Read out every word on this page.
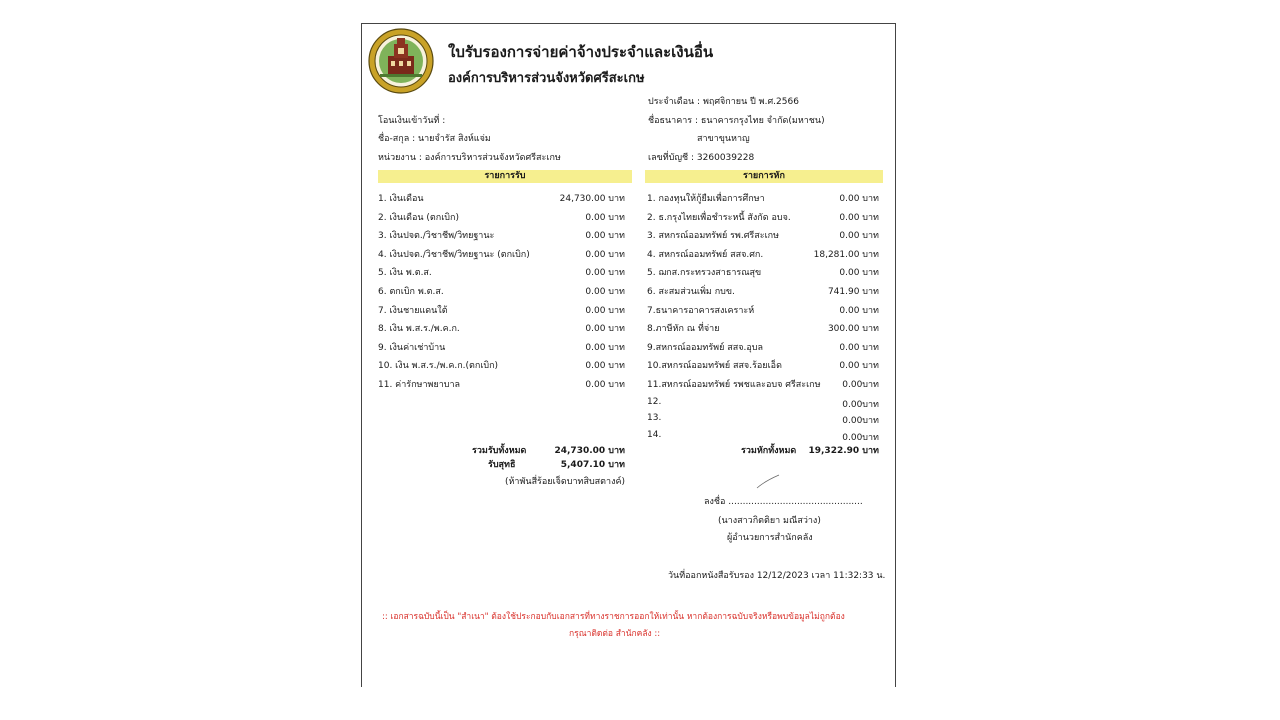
ใบรับรองการจ่ายค่าจ้างประจำและเงินอื่น
องค์การบริหารส่วนจังหวัดศรีสะเกษ
ประจำเดือน : พฤศจิกายน ปี พ.ศ.2566
ชื่อธนาคาร : ธนาคารกรุงไทย จำกัด(มหาชน)
สาขาขุนหาญ
เลขที่บัญชี : 3260039228
โอนเงินเข้าวันที่ :
ชื่อ-สกุล : นายจำรัส สิงห์แจ่ม
หน่วยงาน : องค์การบริหารส่วนจังหวัดศรีสะเกษ
รายการรับ	รายการหัก
1. เงินเดือน	24,730.00 บาท
2. เงินเดือน (ตกเบิก)	0.00 บาท
3. เงินปจต./วิชาชีพ/วิทยฐานะ	0.00 บาท
4. เงินปจต./วิชาชีพ/วิทยฐานะ (ตกเบิก)	0.00 บาท
5. เงิน พ.ต.ส.	0.00 บาท
6. ตกเบิก พ.ต.ส.	0.00 บาท
7. เงินชายแดนใต้	0.00 บาท
8. เงิน พ.ส.ร./พ.ค.ก.	0.00 บาท
9. เงินค่าเช่าบ้าน	0.00 บาท
10. เงิน พ.ส.ร./พ.ค.ก.(ตกเบิก)	0.00 บาท
11. ค่ารักษาพยาบาล	0.00 บาท
1. กองทุนให้กู้ยืมเพื่อการศึกษา	0.00 บาท
2. ธ.กรุงไทยเพื่อชำระหนี้ สังกัด อบจ.	0.00 บาท
3. สหกรณ์ออมทรัพย์ รพ.ศรีสะเกษ	0.00 บาท
4. สหกรณ์ออมทรัพย์ สสจ.ศก.	18,281.00 บาท
5. ฌกส.กระทรวงสาธารณสุข	0.00 บาท
6. สะสมส่วนเพิ่ม กบข.	741.90 บาท
7.ธนาคารอาคารสงเคราะห์	0.00 บาท
8.ภาษีหัก ณ ที่จ่าย	300.00 บาท
9.สหกรณ์ออมทรัพย์ สสจ.อุบล	0.00 บาท
10.สหกรณ์ออมทรัพย์ สสจ.ร้อยเอ็ด	0.00 บาท
11.สหกรณ์ออมทรัพย์ รพชและอบจ ศรีสะเกษ 0.00บาท
12.	0.00บาท
13.	0.00บาท
14.	0.00บาท
รวมรับทั้งหมด	24,730.00 บาท
รับสุทธิ	5,407.10 บาท
(ห้าพันสี่ร้อยเจ็ดบาทสิบสตางค์)
รวมหักทั้งหมด 19,322.90 บาท
ลงชื่อ ...............................................
(นางสาวกิตติยา มณีสว่าง)
ผู้อำนวยการสำนักคลัง
วันที่ออกหนังสือรับรอง 12/12/2023 เวลา 11:32:33 น.
:: เอกสารฉบับนี้เป็น "สำเนา" ต้องใช้ประกอบกับเอกสารที่ทางราชการออกให้เท่านั้น หากต้องการฉบับจริงหรือพบข้อมูลไม่ถูกต้อง
กรุณาติดต่อ สำนักคลัง ::
